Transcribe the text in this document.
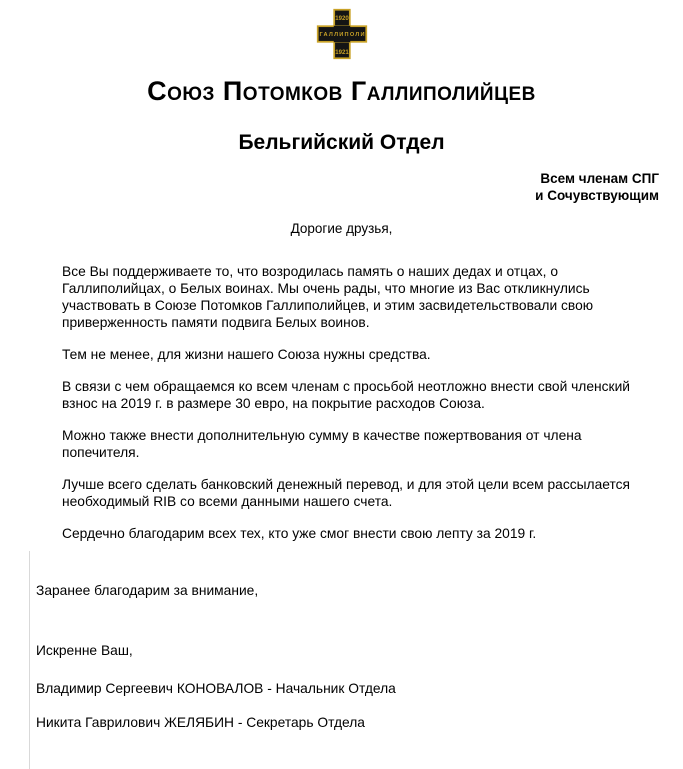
1920
ГАЛЛИПОЛИ
1921
Союз Потомков Галлиполийцев
Бельгийский Отдел
Всем членам СПГ
и Сочувствующим
Дорогие друзья,

Все Вы поддерживаете то, что возродилась память о наших дедах и отцах, о Галлиполийцах, о Белых воинах. Мы очень рады, что многие из Вас откликнулись участвовать в Союзе Потомков Галлиполийцев, и этим засвидетельствовали свою приверженность памяти подвига Белых воинов.

Тем не менее, для жизни нашего Союза нужны средства.

В связи с чем обращаемся ко всем членам с просьбой неотложно внести свой членский взнос на 2019 г. в размере 30 евро, на покрытие расходов Союза.

Можно также внести дополнительную сумму в качестве пожертвования от члена попечителя.

Лучше всего сделать банковский денежный перевод, и для этой цели всем рассылается необходимый RIB со всеми данными нашего счета.

Сердечно благодарим всех тех, кто уже смог внести свою лепту за 2019 г.

Заранее благодарим за внимание,
Искренне Ваш,
Владимир Сергеевич КОНОВАЛОВ - Начальник Отдела
Никита Гаврилович ЖЕЛЯБИН - Секретарь Отдела
